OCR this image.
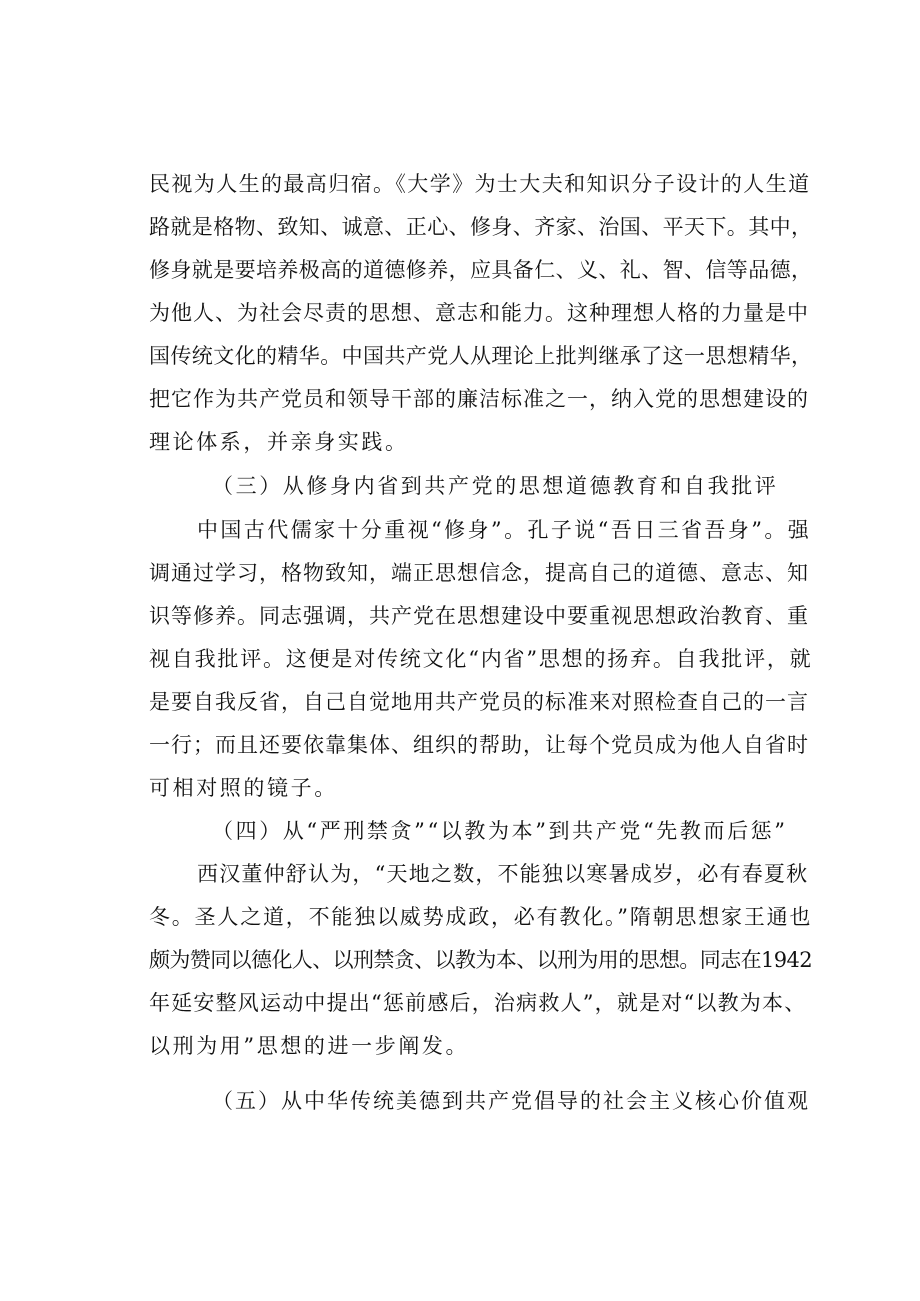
民视为人生的最高归宿。《大学》为士大夫和知识分子设计的人生道
路就是格物、致知、诚意、正心、修身、齐家、治国、平天下。其中，
修身就是要培养极高的道德修养，应具备仁、义、礼、智、信等品德，
为他人、为社会尽责的思想、意志和能力。这种理想人格的力量是中
国传统文化的精华。中国共产党人从理论上批判继承了这一思想精华，
把它作为共产党员和领导干部的廉洁标准之一，纳入党的思想建设的
理论体系，并亲身实践。
（三）从修身内省到共产党的思想道德教育和自我批评
中国古代儒家十分重视“修身”。孔子说“吾日三省吾身”。强
调通过学习，格物致知，端正思想信念，提高自己的道德、意志、知
识等修养。同志强调，共产党在思想建设中要重视思想政治教育、重
视自我批评。这便是对传统文化“内省”思想的扬弃。自我批评，就
是要自我反省，自己自觉地用共产党员的标准来对照检查自己的一言
一行；而且还要依靠集体、组织的帮助，让每个党员成为他人自省时
可相对照的镜子。
（四）从“严刑禁贪”“以教为本”到共产党“先教而后惩”
西汉董仲舒认为，“天地之数，不能独以寒暑成岁，必有春夏秋
冬。圣人之道，不能独以威势成政，必有教化。”隋朝思想家王通也
颇为赞同以德化人、以刑禁贪、以教为本、以刑为用的思想。同志在1942
年延安整风运动中提出“惩前感后，治病救人”，就是对“以教为本、
以刑为用”思想的进一步阐发。
（五）从中华传统美德到共产党倡导的社会主义核心价值观
